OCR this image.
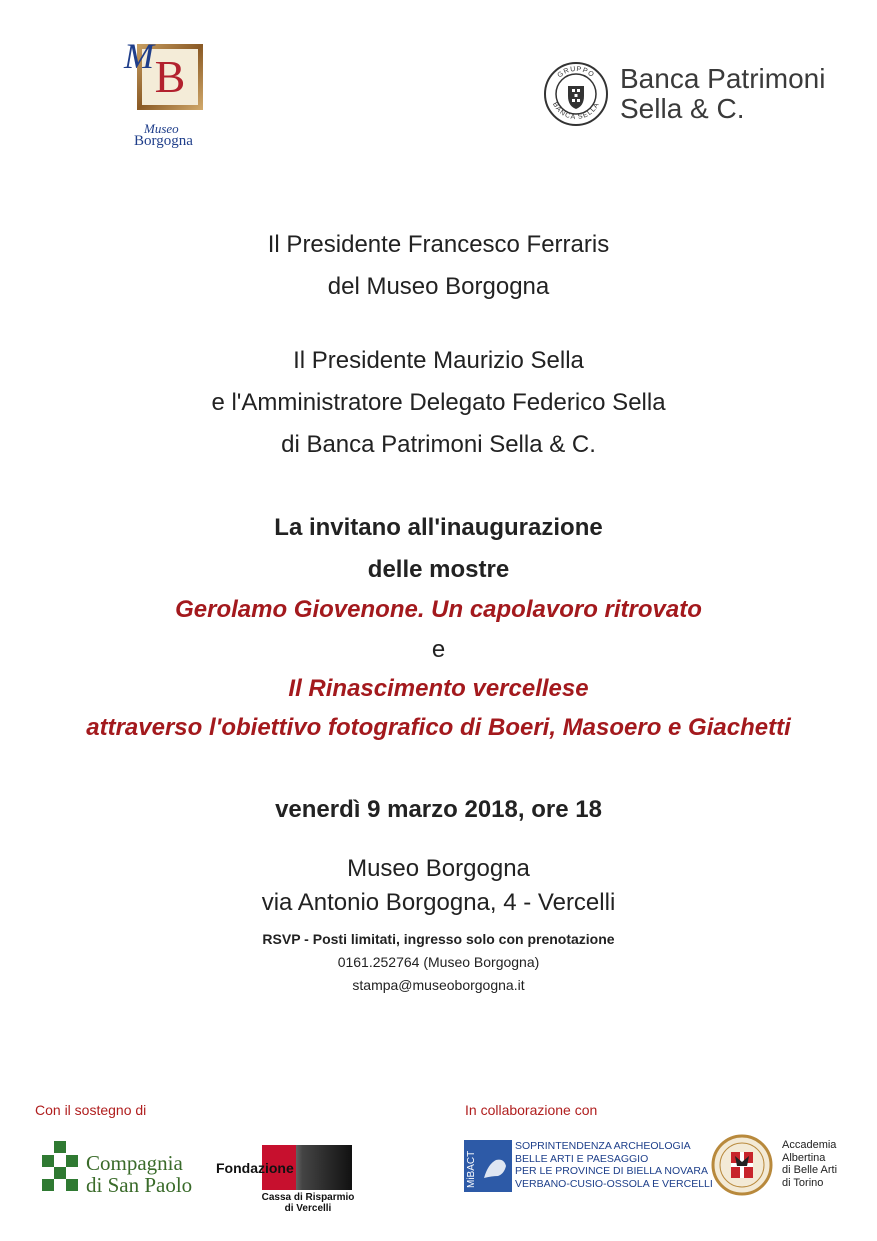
B
M
Museo
Borgogna
GRUPPO
BANCA SELLA
Banca Patrimoni
Sella & C.
Il Presidente Francesco Ferraris
del Museo Borgogna
Il Presidente Maurizio Sella
e l'Amministratore Delegato Federico Sella
di Banca Patrimoni Sella & C.
La invitano all'inaugurazione
delle mostre
Gerolamo Giovenone. Un capolavoro ritrovato
e
Il Rinascimento vercellese
attraverso l'obiettivo fotografico di Boeri, Masoero e Giachetti
venerdì 9 marzo 2018, ore 18
Museo Borgogna
via Antonio Borgogna, 4 - Vercelli
RSVP - Posti limitati, ingresso solo con prenotazione
0161.252764 (Museo Borgogna)
stampa@museoborgogna.it
Con il sostegno di	In collaborazione con
Compagnia
di San Paolo
Fondazione
Cassa di Risparmio
di Vercelli
MiBACT
SOPRINTENDENZA ARCHEOLOGIA
BELLE ARTI E PAESAGGIO
PER LE PROVINCE DI BIELLA NOVARA
VERBANO-CUSIO-OSSOLA E VERCELLI
Accademia
Albertina
di Belle Arti
di Torino
